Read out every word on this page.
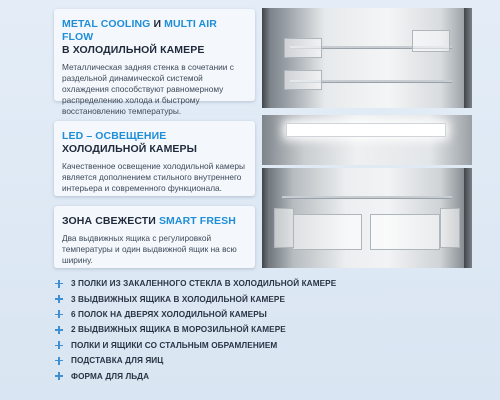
METAL COOLING И MULTI AIR FLOW
В ХОЛОДИЛЬНОЙ КАМЕРЕ
Металлическая задняя стенка в сочетании с раздельной динамической системой охлаждения способствуют равномерному распределению холода и быстрому восстановлению температуры.
LED – ОСВЕЩЕНИЕ
ХОЛОДИЛЬНОЙ КАМЕРЫ
Качественное освещение холодильной камеры является дополнением стильного внутреннего интерьера и современного функционала.
ЗОНА СВЕЖЕСТИ SMART FRESH
Два выдвижных ящика с регулировкой температуры и один выдвижной ящик на всю ширину.
3 ПОЛКИ ИЗ ЗАКАЛЕННОГО СТЕКЛА В ХОЛОДИЛЬНОЙ КАМЕРЕ
3 ВЫДВИЖНЫХ ЯЩИКА В ХОЛОДИЛЬНОЙ КАМЕРЕ
6 ПОЛОК НА ДВЕРЯХ ХОЛОДИЛЬНОЙ КАМЕРЫ
2 ВЫДВИЖНЫХ ЯЩИКА В МОРОЗИЛЬНОЙ КАМЕРЕ
ПОЛКИ И ЯЩИКИ СО СТАЛЬНЫМ ОБРАМЛЕНИЕМ
ПОДСТАВКА ДЛЯ ЯИЦ
ФОРМА ДЛЯ ЛЬДА
